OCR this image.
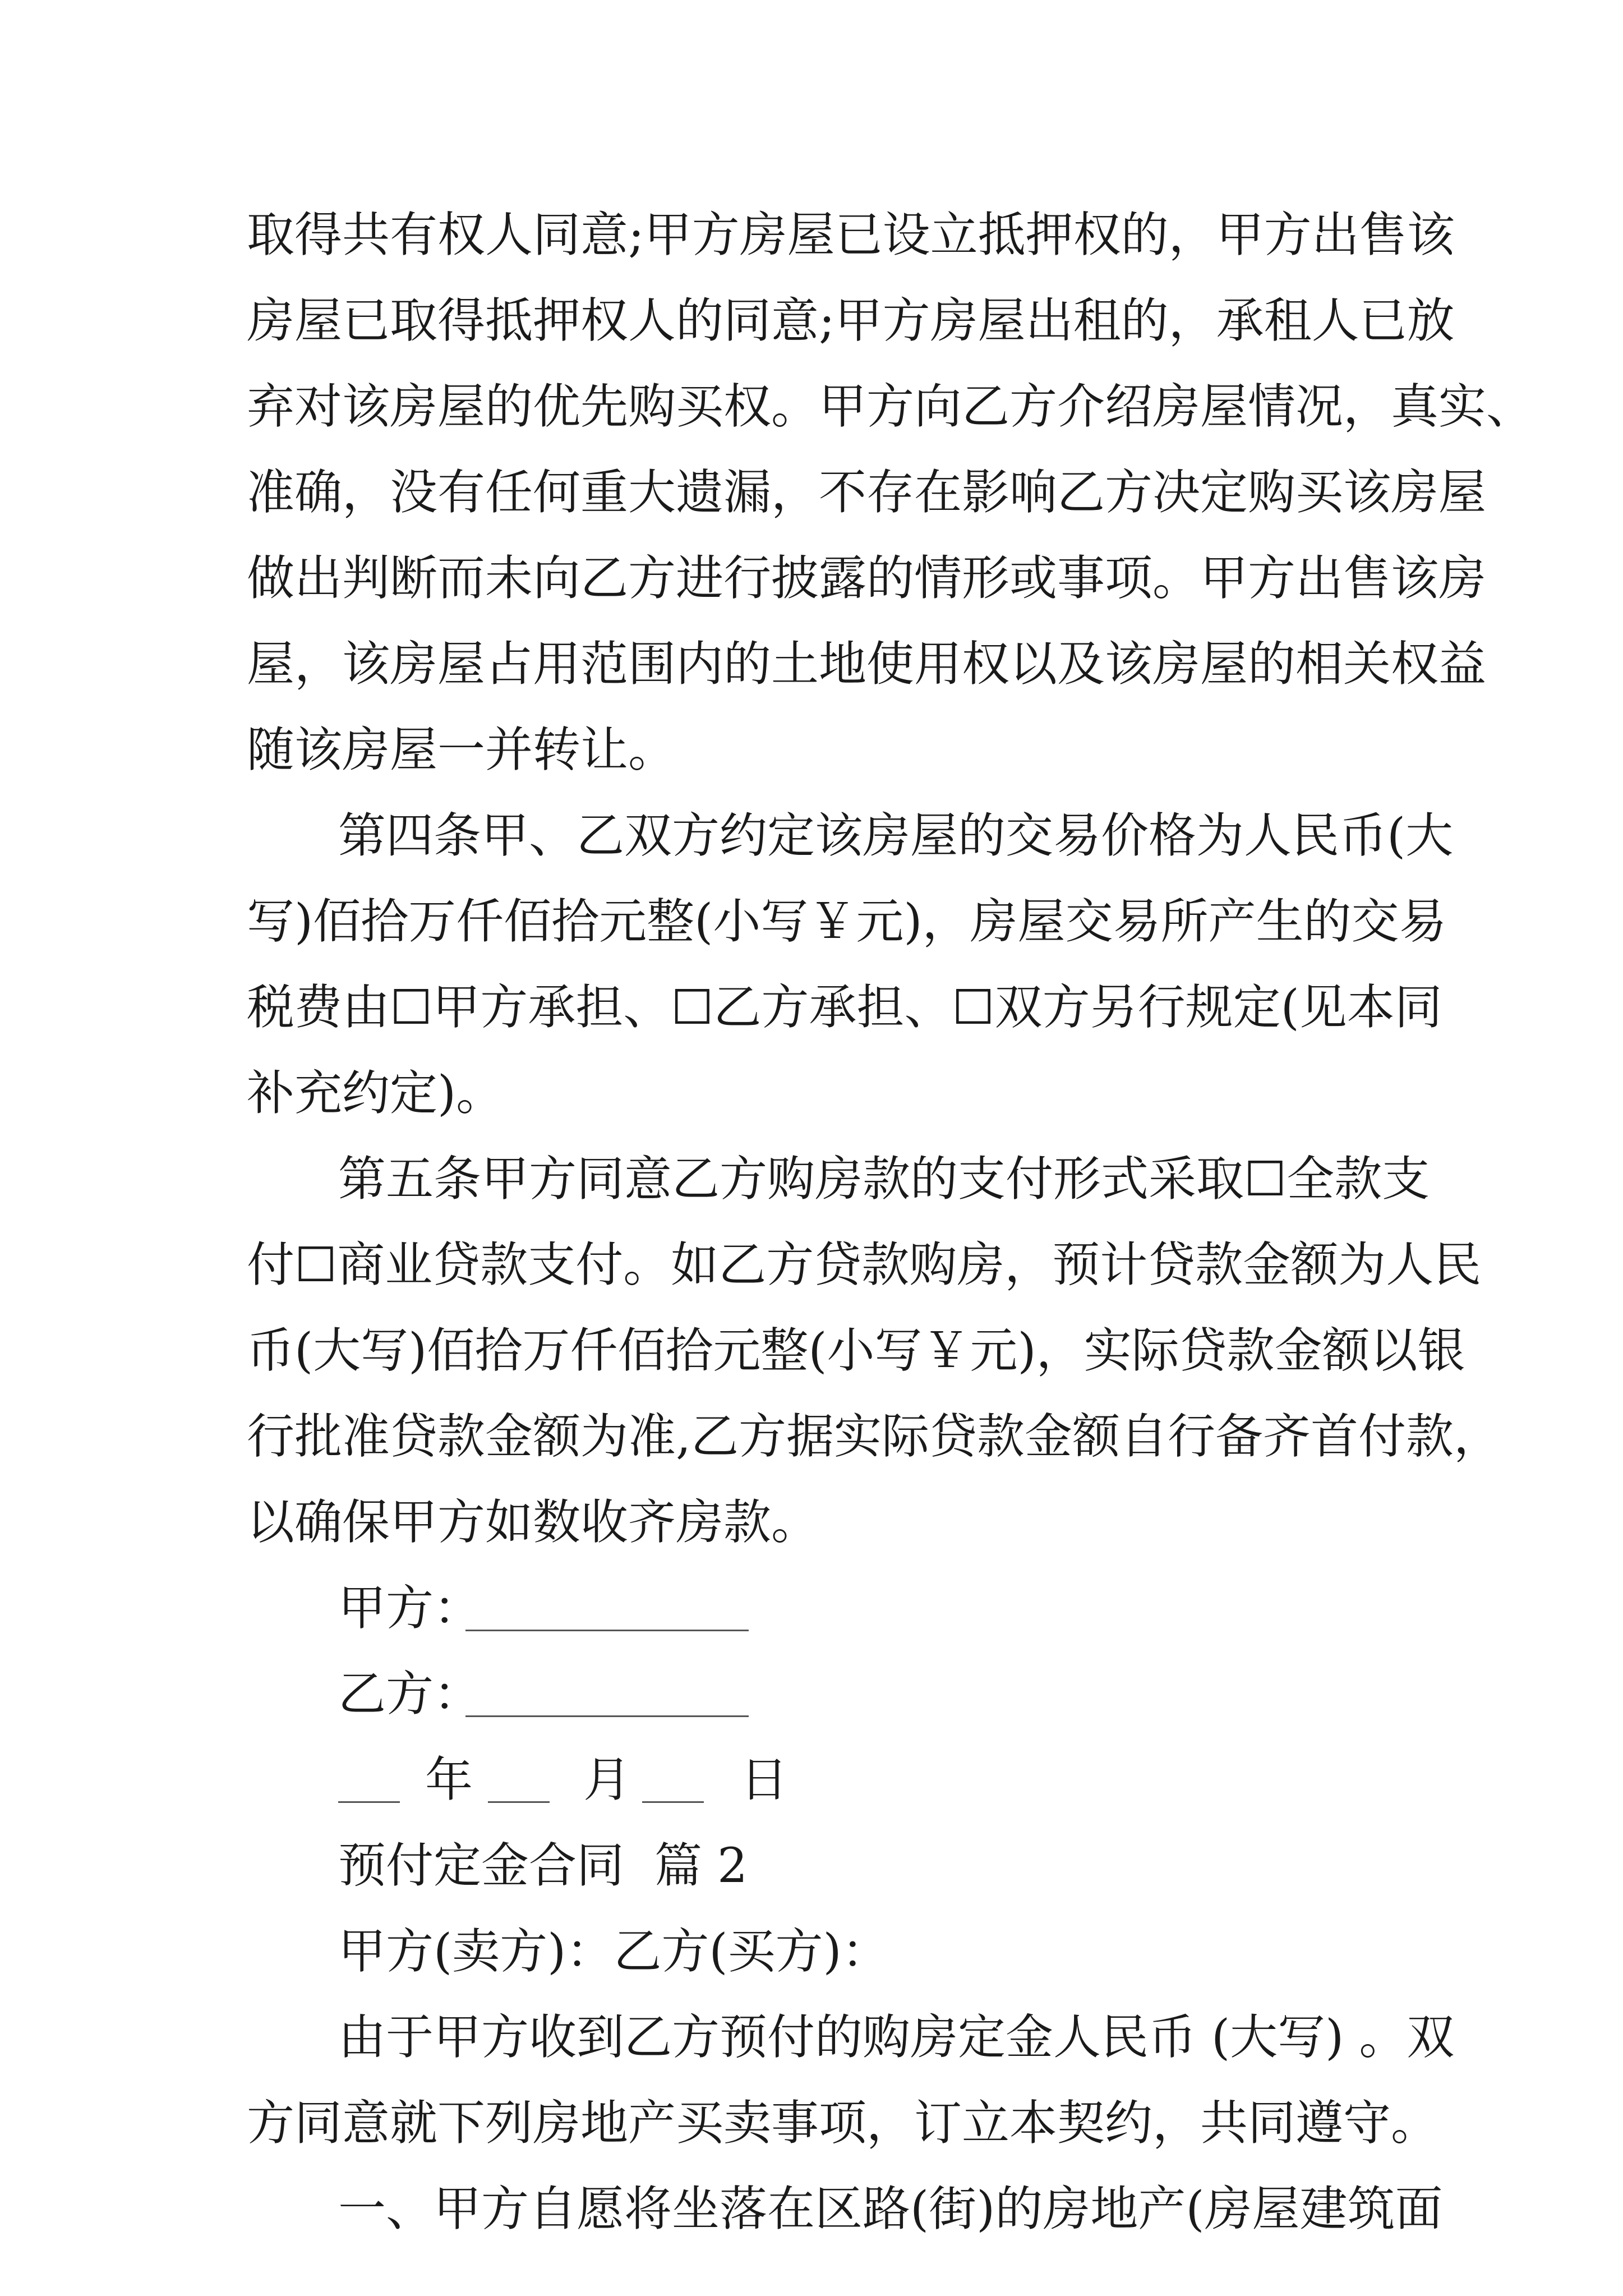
取得共有权人同意;甲方房屋已设立抵押权的，甲方出售该
房屋已取得抵押权人的同意;甲方房屋出租的，承租人已放
弃对该房屋的优先购买权。甲方向乙方介绍房屋情况，真实、
准确，没有任何重大遗漏，不存在影响乙方决定购买该房屋
做出判断而未向乙方进行披露的情形或事项。甲方出售该房
屋，该房屋占用范围内的土地使用权以及该房屋的相关权益
随该房屋一并转让。
第四条甲、乙双方约定该房屋的交易价格为人民币(大
写)佰拾万仟佰拾元整(小写￥元)，房屋交易所产生的交易
税费由☐甲方承担、☐乙方承担、☐双方另行规定(见本同
补充约定)。
第五条甲方同意乙方购房款的支付形式采取☐全款支
付☐商业贷款支付。如乙方贷款购房，预计贷款金额为人民
币(大写)佰拾万仟佰拾元整(小写￥元)，实际贷款金额以银
行批准贷款金额为准,乙方据实际贷款金额自行备齐首付款，
以确保甲方如数收齐房款。

甲方：

乙方：

年

月

日

预付定金合同  篇 2
甲方(卖方)：乙方(买方)：
由于甲方收到乙方预付的购房定金人民币 (大写) 。双
方同意就下列房地产买卖事项，订立本契约，共同遵守。
一、甲方自愿将坐落在区路(街)的房地产(房屋建筑面
